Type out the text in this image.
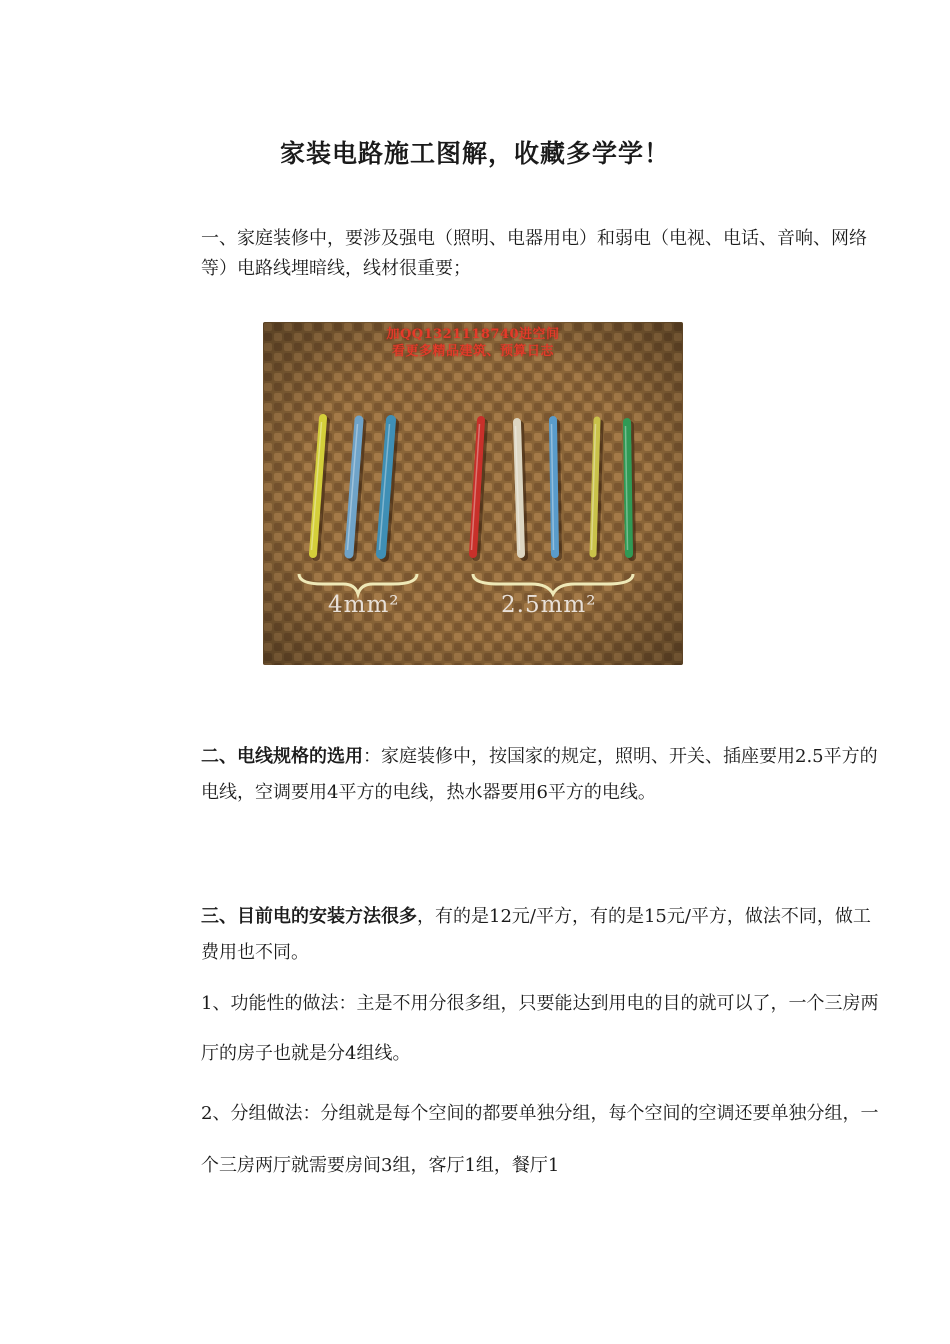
家装电路施工图解，收藏多学学！

一、家庭装修中，要涉及强电（照明、电器用电）和弱电（电视、电话、音响、网络等）电路线埋暗线，线材很重要；

加QQ1321118740进空间
看更多精品建筑、预算日志
4mm²	2.5mm²

二、电线规格的选用：家庭装修中，按国家的规定，照明、开关、插座要用2.5平方的电线，空调要用4平方的电线，热水器要用6平方的电线。

三、目前电的安装方法很多，有的是12元/平方，有的是15元/平方，做法不同，做工费用也不同。

1、功能性的做法：主是不用分很多组，只要能达到用电的目的就可以了，一个三房两厅的房子也就是分4组线。

2、分组做法：分组就是每个空间的都要单独分组，每个空间的空调还要单独分组，一个三房两厅就需要房间3组，客厅1组，餐厅1
